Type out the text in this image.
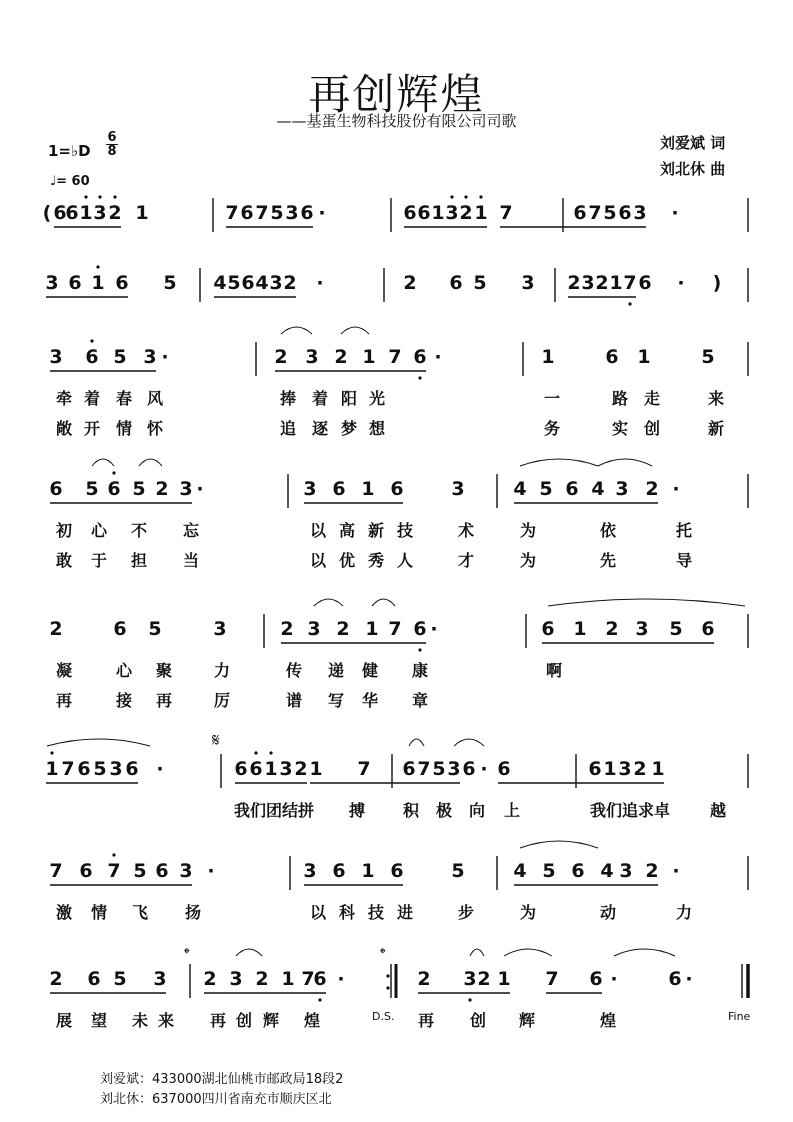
再创辉煌
——基蛋生物科技股份有限公司司歌
1=♭D
6
8
♩= 60
刘爱斌 词
刘北休 曲
( 6
6 1 3 2 1	7 6 7 5 3 6 ·	6 6 1 3 2 1 7	6 7 5 6 3 ·
3 6 1 6 5 4 5 6 4 3 2 ·	2 6 5 3 2 3 2 1 7 6 · )
3 6 5 3 ·	2 3 2 1 7 6 ·	1	6 1	5
牵 着 春 风	捧 着 阳 光	一	路 走	来
敞 开 情 怀	追 逐 梦 想	务	实 创	新
6 5 6 5 2 3 ·	3 6 1 6	3	4 5 6 4 3 2 ·
初 心 不 忘	以 高 新 技	术	为	依	托
敢 于 担 当	以 优 秀 人	才	为	先	导
2	6 5	3	2 3 2 1 7 6 ·	6 1 2 3 5 6
凝	心 聚	力	传 递 健 康	啊
再	接 再	厉	谱 写 华 章
1 7 6 5 3 6 ·	6 6 1 3 2 1 7 6 7 5 3 6 · 6	6 1 3 2 1
我们团结拼 搏 积 极 向 上	我们追求卓 越
7 6 7 5 6 3 ·	3 6 1 6	5	4 5 6 4 3 2 ·
激 情 飞 扬	以 科 技 进	步	为	动	力
2 6 5 3 2 3 2 1 7
6 ·	2 3 2 1 7 6 ·	6 ·
展 望 未 来 再 创 辉 煌	再 创 辉	煌
𝄋
𝄌	𝄌
D.S.	Fine
刘爱斌：433000湖北仙桃市邮政局18段2
刘北休：637000四川省南充市顺庆区北
